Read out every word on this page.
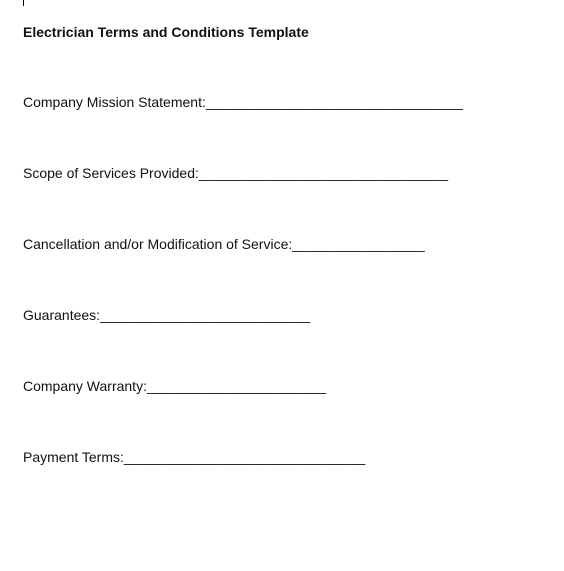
Electrician Terms and Conditions Template
Company Mission Statement:_________________________________
Scope of Services Provided:________________________________
Cancellation and/or Modification of Service:_________________
Guarantees:___________________________
Company Warranty:_______________________
Payment Terms:_______________________________
